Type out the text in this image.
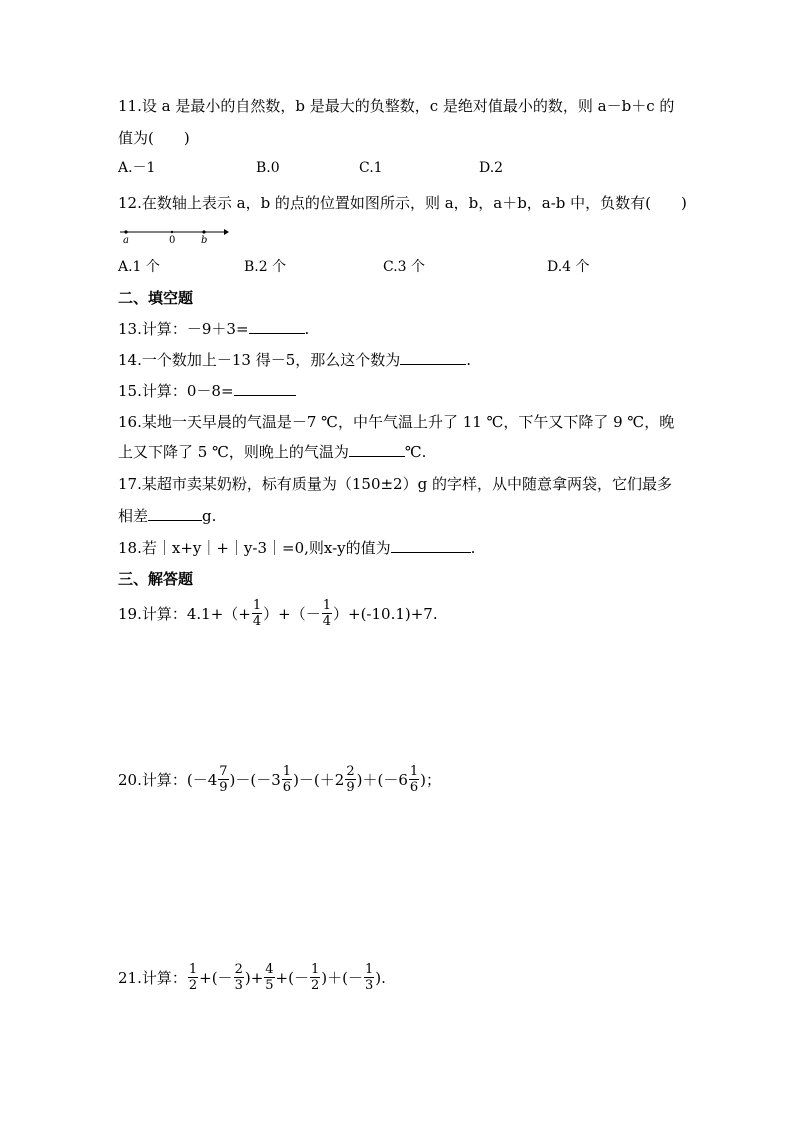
11.设 a 是最小的自然数，b 是最大的负整数，c 是绝对值最小的数，则 a－b＋c 的
值为(　　)
A.－1	B.0	C.1	D.2
12.在数轴上表示 a，b 的点的位置如图所示，则 a，b，a＋b，a-b 中，负数有(　　)
a	0	b
A.1 个	B.2 个	C.3 个	D.4 个
二、填空题
13.计算：－9＋3=	.
14.一个数加上－13 得－5，那么这个数为	.
15.计算：0－8=
16.某地一天早晨的气温是－7 ℃，中午气温上升了 11 ℃，下午又下降了 9 ℃，晚
上又下降了 5 ℃，则晚上的气温为	℃.
17.某超市卖某奶粉，标有质量为（150±2）g 的字样，从中随意拿两袋，它们最多
相差	g.
18.若｜x+y｜+｜y-3｜=0,则x-y的值为	.
三、解答题
19.计算：$4.1+(+ \frac{1}{4}$ ）+（－ $\frac{1}{4} )+(-10.1)+7$.
20.计算：$(-4 \frac{7}{9} )-(-3 \frac{1}{6} )-(+2 \frac{2}{9} )+(-6 \frac{1}{6}$ )；
21.计算： $\frac{1}{2}$ +(－ $\frac{2}{3}$ )+ $\frac{4}{5}$ +(－ $\frac{1}{2}$ )＋(－ $\frac{1}{3}$ ).
